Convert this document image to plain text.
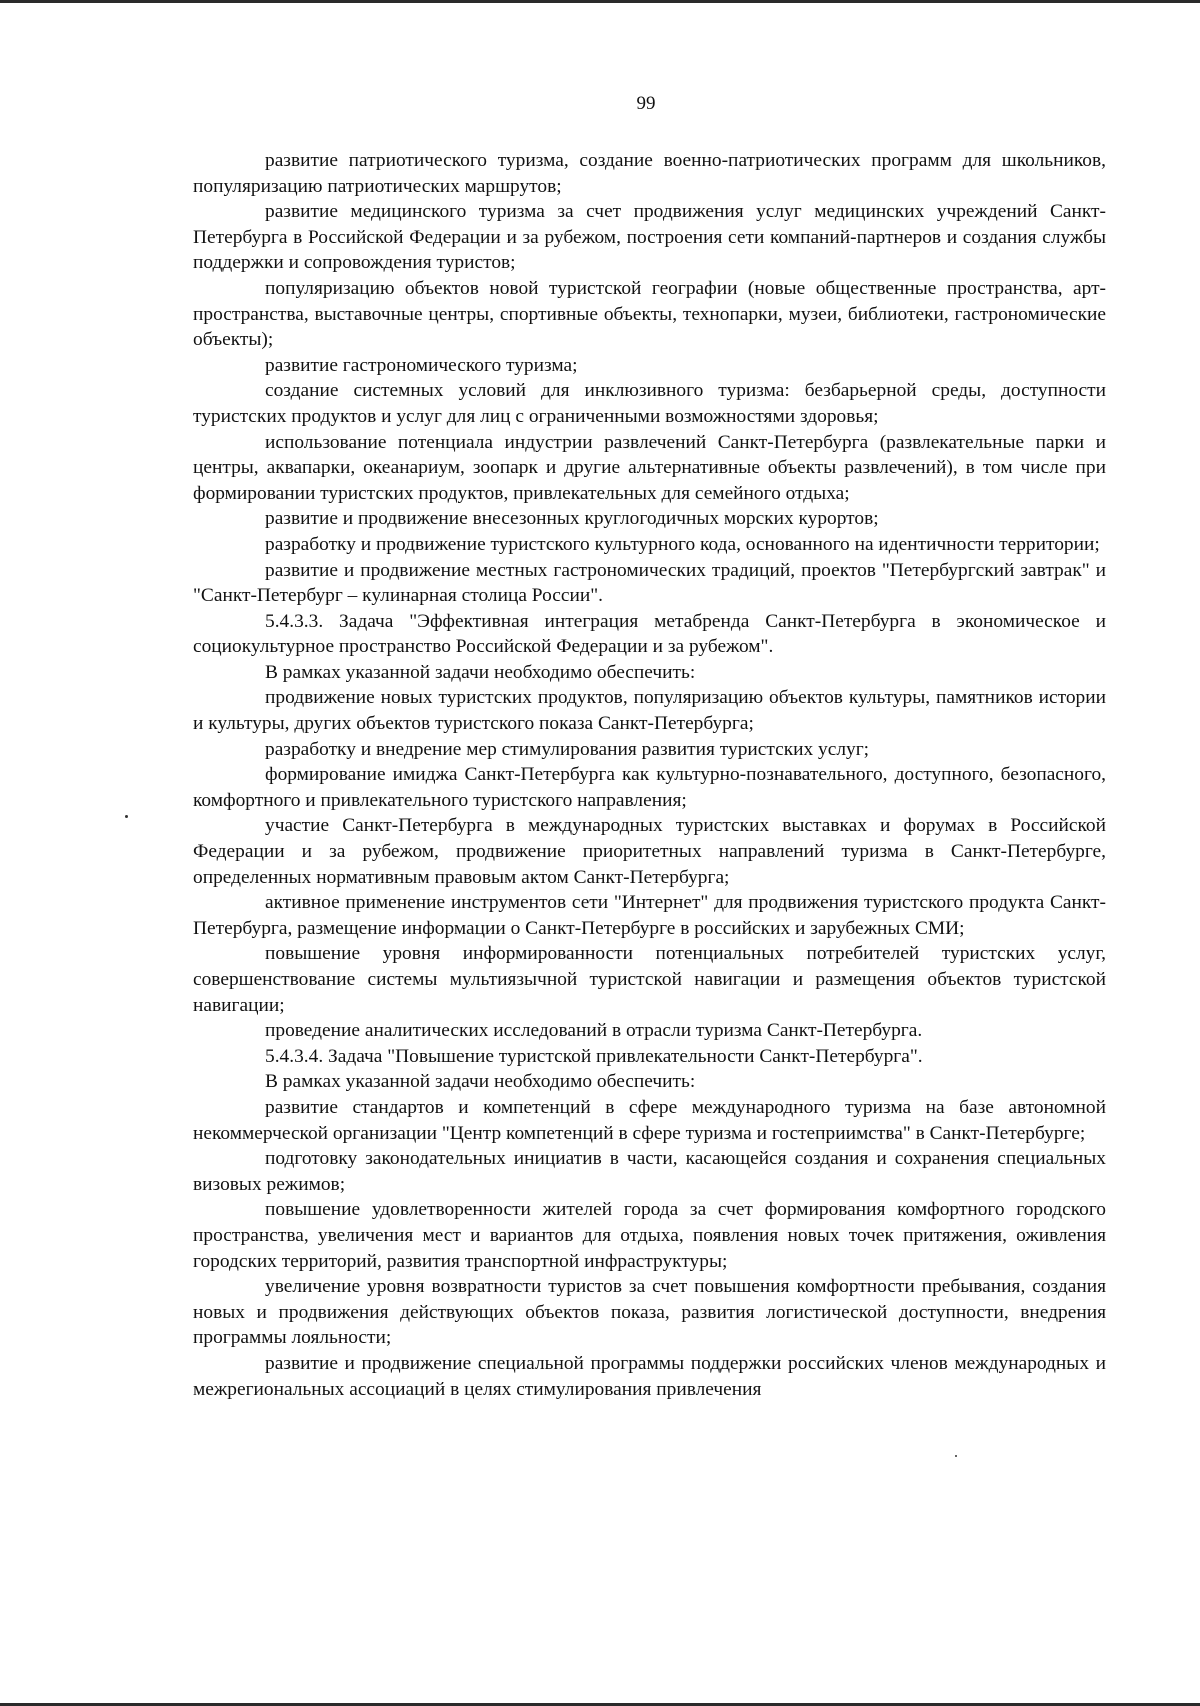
99

развитие патриотического туризма, создание военно-патриотических программ для школьников, популяризацию патриотических маршрутов;

развитие медицинского туризма за счет продвижения услуг медицинских учреждений Санкт-Петербурга в Российской Федерации и за рубежом, построения сети компаний-партнеров и создания службы поддержки и сопровождения туристов;

популяризацию объектов новой туристской географии (новые общественные пространства, арт-пространства, выставочные центры, спортивные объекты, технопарки, музеи, библиотеки, гастрономические объекты);

развитие гастрономического туризма;

создание системных условий для инклюзивного туризма: безбарьерной среды, доступности туристских продуктов и услуг для лиц с ограниченными возможностями здоровья;

использование потенциала индустрии развлечений Санкт-Петербурга (развлекательные парки и центры, аквапарки, океанариум, зоопарк и другие альтернативные объекты развлечений), в том числе при формировании туристских продуктов, привлекательных для семейного отдыха;

развитие и продвижение внесезонных круглогодичных морских курортов;

разработку и продвижение туристского культурного кода, основанного на идентичности территории;

развитие и продвижение местных гастрономических традиций, проектов "Петербургский завтрак" и "Санкт-Петербург – кулинарная столица России".

5.4.3.3. Задача "Эффективная интеграция метабренда Санкт-Петербурга в экономическое и социокультурное пространство Российской Федерации и за рубежом".

В рамках указанной задачи необходимо обеспечить:

продвижение новых туристских продуктов, популяризацию объектов культуры, памятников истории и культуры, других объектов туристского показа Санкт-Петербурга;

разработку и внедрение мер стимулирования развития туристских услуг;

формирование имиджа Санкт-Петербурга как культурно-познавательного, доступного, безопасного, комфортного и привлекательного туристского направления;

участие Санкт-Петербурга в международных туристских выставках и форумах в Российской Федерации и за рубежом, продвижение приоритетных направлений туризма в Санкт-Петербурге, определенных нормативным правовым актом Санкт-Петербурга;

активное применение инструментов сети "Интернет" для продвижения туристского продукта Санкт-Петербурга, размещение информации о Санкт-Петербурге в российских и зарубежных СМИ;

повышение уровня информированности потенциальных потребителей туристских услуг, совершенствование системы мультиязычной туристской навигации и размещения объектов туристской навигации;

проведение аналитических исследований в отрасли туризма Санкт-Петербурга.

5.4.3.4. Задача "Повышение туристской привлекательности Санкт-Петербурга".

В рамках указанной задачи необходимо обеспечить:

развитие стандартов и компетенций в сфере международного туризма на базе автономной некоммерческой организации "Центр компетенций в сфере туризма и гостеприимства" в Санкт-Петербурге;

подготовку законодательных инициатив в части, касающейся создания и сохранения специальных визовых режимов;

повышение удовлетворенности жителей города за счет формирования комфортного городского пространства, увеличения мест и вариантов для отдыха, появления новых точек притяжения, оживления городских территорий, развития транспортной инфраструктуры;

увеличение уровня возвратности туристов за счет повышения комфортности пребывания, создания новых и продвижения действующих объектов показа, развития логистической доступности, внедрения программы лояльности;

развитие и продвижение специальной программы поддержки российских членов международных и межрегиональных ассоциаций в целях стимулирования привлечения
